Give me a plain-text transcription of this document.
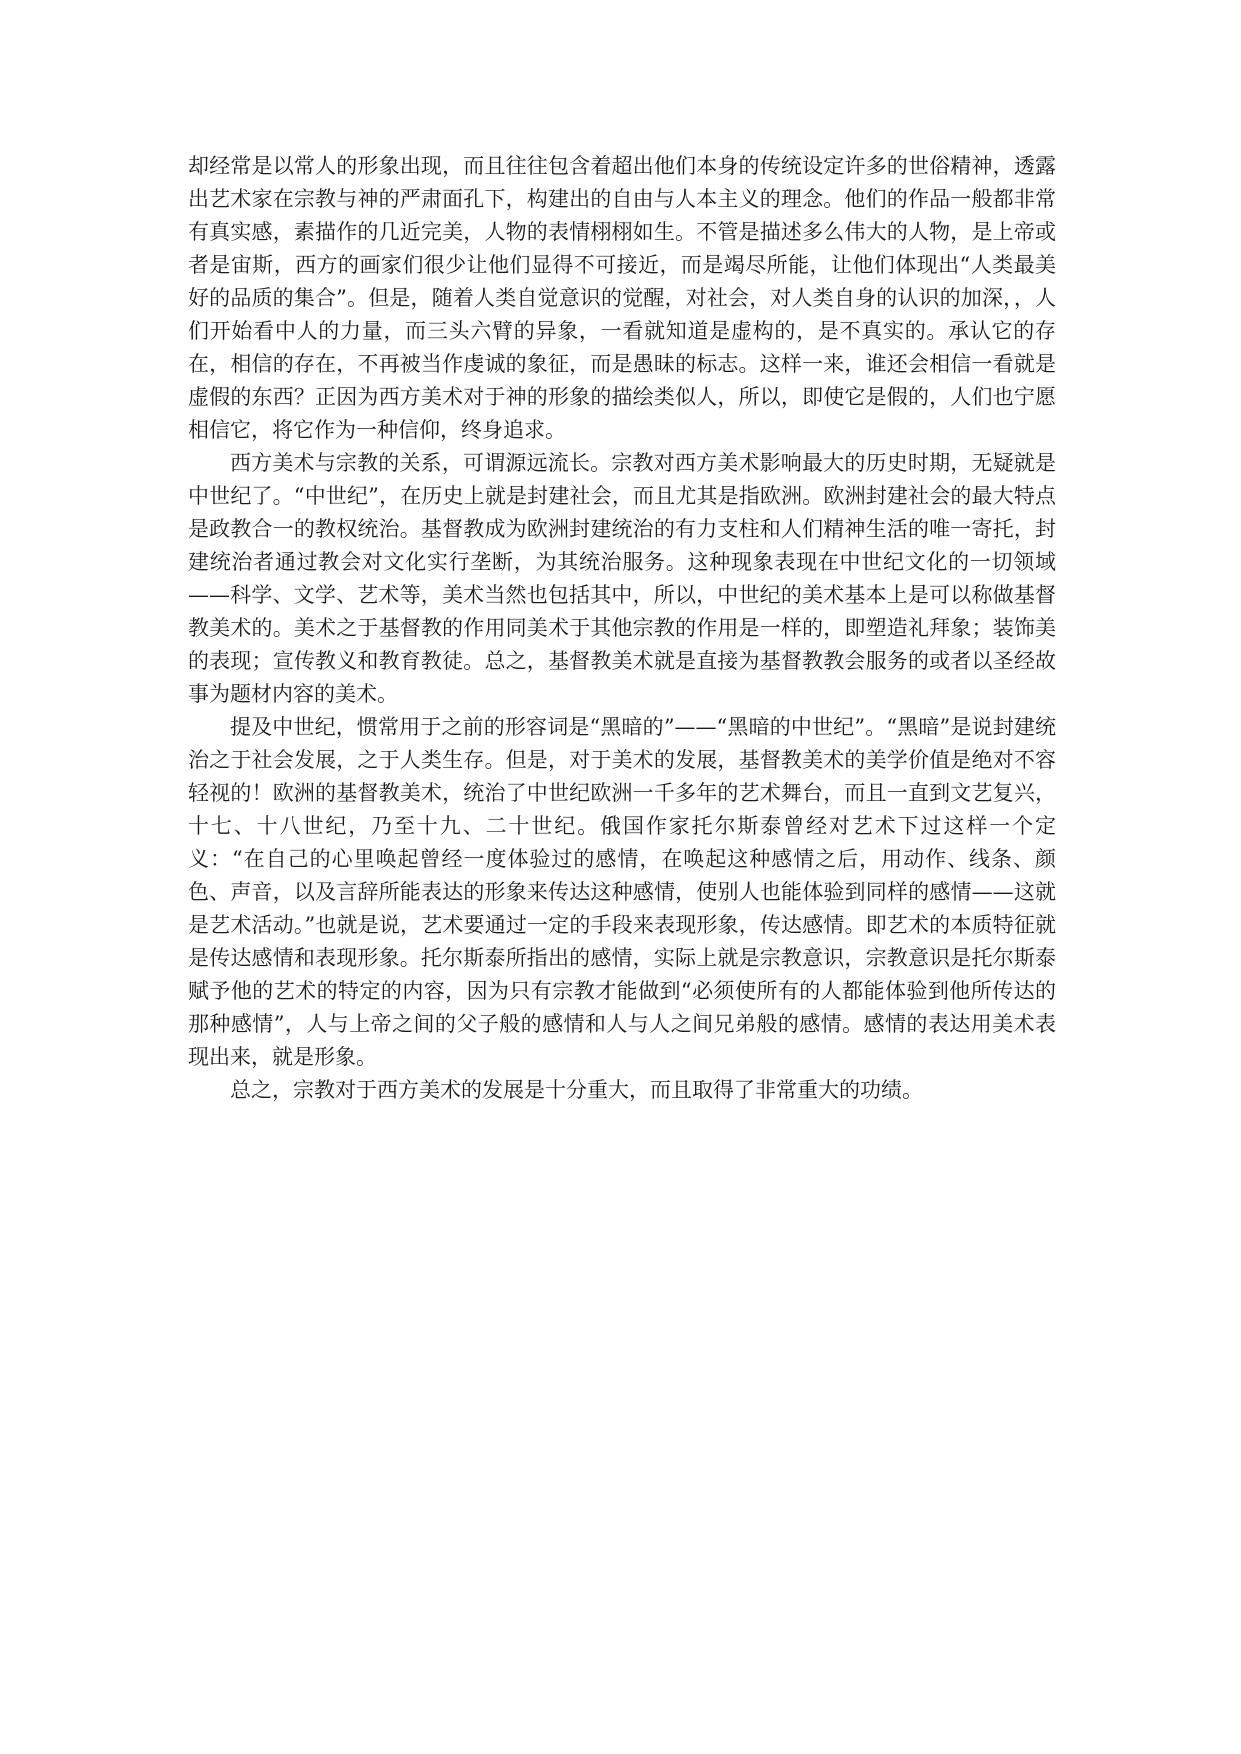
却经常是以常人的形象出现，而且往往包含着超出他们本身的传统设定许多的世俗精神，透露出艺术家在宗教与神的严肃面孔下，构建出的自由与人本主义的理念。他们的作品一般都非常有真实感，素描作的几近完美，人物的表情栩栩如生。不管是描述多么伟大的人物，是上帝或者是宙斯，西方的画家们很少让他们显得不可接近，而是竭尽所能，让他们体现出“人类最美好的品质的集合”。但是，随着人类自觉意识的觉醒，对社会，对人类自身的认识的加深，，人们开始看中人的力量，而三头六臂的异象，一看就知道是虚构的，是不真实的。承认它的存在，相信的存在，不再被当作虔诚的象征，而是愚昧的标志。这样一来，谁还会相信一看就是虚假的东西？正因为西方美术对于神的形象的描绘类似人，所以，即使它是假的，人们也宁愿相信它，将它作为一种信仰，终身追求。

西方美术与宗教的关系，可谓源远流长。宗教对西方美术影响最大的历史时期，无疑就是中世纪了。“中世纪”，在历史上就是封建社会，而且尤其是指欧洲。欧洲封建社会的最大特点是政教合一的教权统治。基督教成为欧洲封建统治的有力支柱和人们精神生活的唯一寄托，封建统治者通过教会对文化实行垄断，为其统治服务。这种现象表现在中世纪文化的一切领域——科学、文学、艺术等，美术当然也包括其中，所以，中世纪的美术基本上是可以称做基督教美术的。美术之于基督教的作用同美术于其他宗教的作用是一样的，即塑造礼拜象；装饰美的表现；宣传教义和教育教徒。总之，基督教美术就是直接为基督教教会服务的或者以圣经故事为题材内容的美术。

提及中世纪，惯常用于之前的形容词是“黑暗的”——“黑暗的中世纪”。“黑暗”是说封建统治之于社会发展，之于人类生存。但是，对于美术的发展，基督教美术的美学价值是绝对不容轻视的！欧洲的基督教美术，统治了中世纪欧洲一千多年的艺术舞台，而且一直到文艺复兴，十七、十八世纪，乃至十九、二十世纪。俄国作家托尔斯泰曾经对艺术下过这样一个定义：“在自己的心里唤起曾经一度体验过的感情，在唤起这种感情之后，用动作、线条、颜色、声音，以及言辞所能表达的形象来传达这种感情，使别人也能体验到同样的感情——这就是艺术活动。”也就是说，艺术要通过一定的手段来表现形象，传达感情。即艺术的本质特征就是传达感情和表现形象。托尔斯泰所指出的感情，实际上就是宗教意识，宗教意识是托尔斯泰赋予他的艺术的特定的内容，因为只有宗教才能做到“必须使所有的人都能体验到他所传达的那种感情”，人与上帝之间的父子般的感情和人与人之间兄弟般的感情。感情的表达用美术表现出来，就是形象。

总之，宗教对于西方美术的发展是十分重大，而且取得了非常重大的功绩。
